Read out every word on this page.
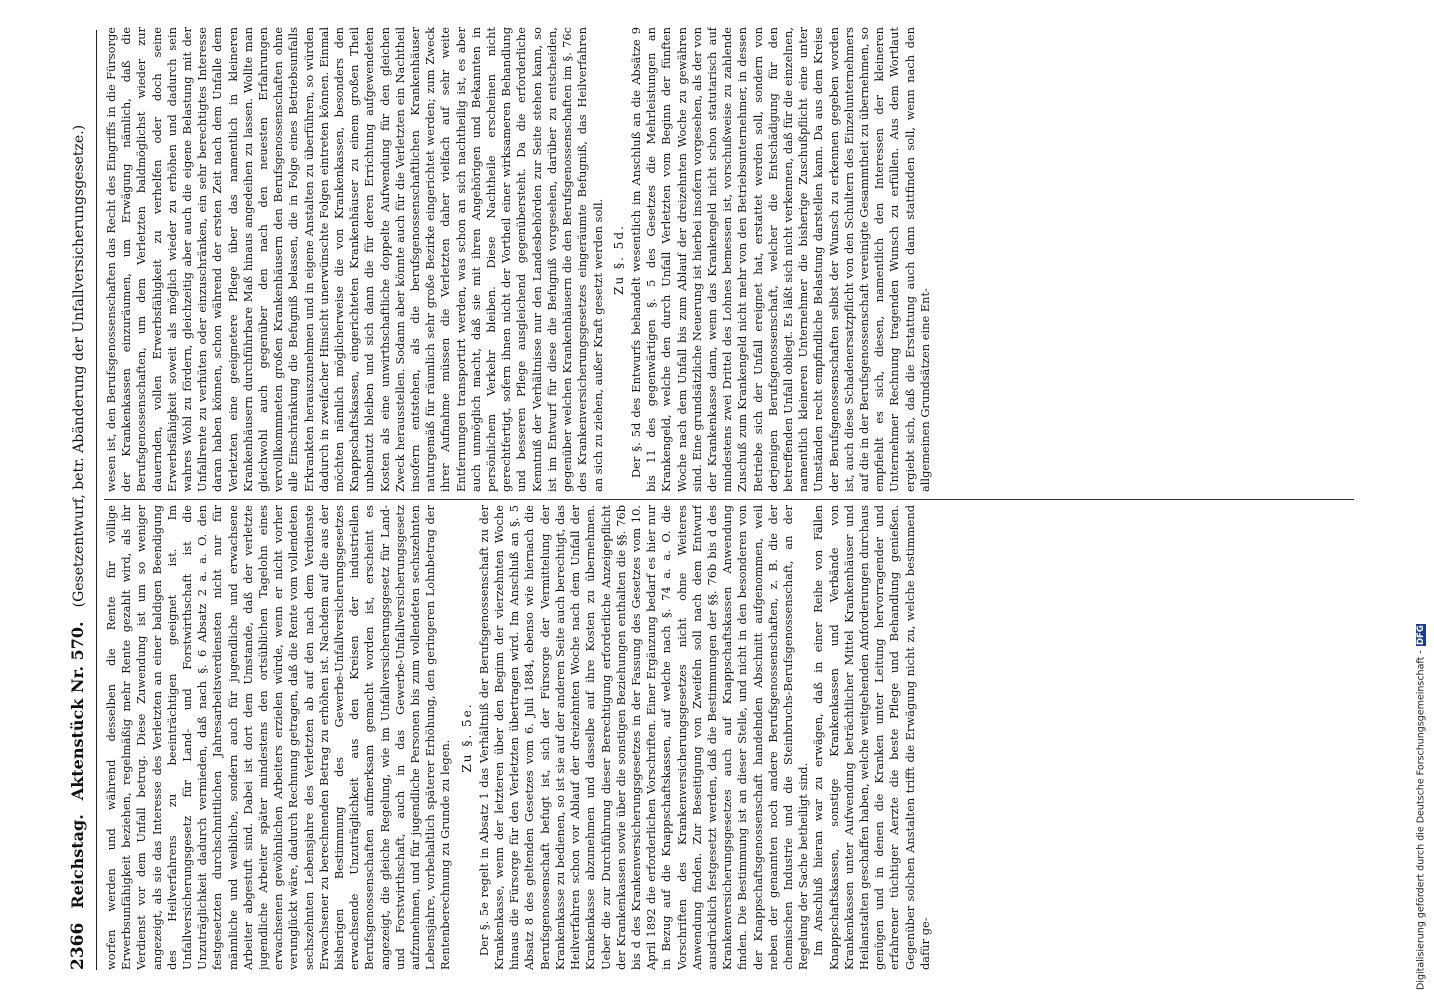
2366
Reichstag.
Aktenstück Nr. 570.
(Gesetzentwurf, betr. Abänderung der Unfallversicherungsgesetze.)

worfen werden und während desselben die Rente für völlige Erwerbsunfähigkeit beziehen, regelmäßig mehr Rente gezahlt wird, als ihr Verdienst vor dem Unfall betrug. Diese Zuwendung ist um so weniger angezeigt, als sie das Interesse des Verletzten an einer baldigen Beendigung des Heilverfahrens zu beeinträchtigen geeignet ist. Im Unfallversicherungsgesetz für Land- und Forstwirthschaft ist die Unzuträglichkeit dadurch vermieden, daß nach §. 6 Absatz 2 a. a. O. den festgesetzten durchschnittlichen Jahresarbeitsverdiensten nicht nur für männliche und weibliche, sondern auch für jugendliche und erwachsene Arbeiter abgestuft sind. Dabei ist dort dem Umstande, daß der verletzte jugendliche Arbeiter später mindestens den ortsüblichen Tagelohn eines erwachsenen gewöhnlichen Arbeiters erzielen würde, wenn er nicht vorher verunglückt wäre, dadurch Rechnung getragen, daß die Rente vom vollendeten sechszehnten Lebensjahre des Verletzten ab auf den nach dem Verdienste Erwachsener zu berechnenden Betrag zu erhöhen ist. Nachdem auf die aus der bisherigen Bestimmung des Gewerbe-Unfallversicherungsgesetzes erwachsende Unzuträglichkeit aus den Kreisen der industriellen Berufsgenossenschaften aufmerksam gemacht worden ist, erscheint es angezeigt, die gleiche Regelung, wie im Unfallversicherungsgesetz für Land- und Forstwirthschaft, auch in das Gewerbe-Unfallversicherungsgesetz aufzunehmen, und für jugendliche Personen bis zum vollendeten sechszehnten Lebensjahre, vorbehaltlich späterer Erhöhung, den geringeren Lohnbetrag der Rentenberechnung zu Grunde zu legen.

Zu §. 5e. Der §. 5e regelt in Absatz 1 das Verhältniß der Berufsgenossenschaft zu der Krankenkasse, wenn der letzteren über den Beginn der vierzehnten Woche hinaus die Fürsorge für den Verletzten übertragen wird. Im Anschluß an §. 5 Absatz 8 des geltenden Gesetzes vom 6. Juli 1884, ebenso wie hiernach die Berufsgenossenschaft befugt ist, sich der Fürsorge der Vermittelung der Krankenkasse zu bedienen, so ist sie auf der anderen Seite auch berechtigt, das Heilverfahren schon vor Ablauf der dreizehnten Woche nach dem Unfall der Krankenkasse abzunehmen und dasselbe auf ihre Kosten zu übernehmen. Ueber die zur Durchführung dieser Berechtigung erforderliche Anzeigepflicht der Krankenkassen sowie über die sonstigen Beziehungen enthalten die §§. 76b bis d des Krankenversicherungsgesetzes in der Fassung des Gesetzes vom 10. April 1892 die erforderlichen Vorschriften. Einer Ergänzung bedarf es hier nur in Bezug auf die Knappschaftskassen, auf welche nach §. 74 a. a. O. die Vorschriften des Krankenversicherungsgesetzes nicht ohne Weiteres Anwendung finden. Zur Beseitigung von Zweifeln soll nach dem Entwurf ausdrücklich festgesetzt werden, daß die Bestimmungen der §§. 76b bis d des Krankenversicherungsgesetzes auch auf Knappschaftskassen Anwendung finden. Die Bestimmung ist an dieser Stelle, und nicht in den besonderen von der Knappschaftsgenossenschaft handelnden Abschnitt aufgenommen, weil neben der genannten noch andere Berufsgenossenschaften, z. B. die der chemischen Industrie und die Steinbruchs-Berufsgenossenschaft, an der Regelung der Sache betheiligt sind. Im Anschluß hieran war zu erwägen, daß in einer Reihe von Fällen Knappschaftskassen, sonstige Krankenkassen und Verbände von Krankenkassen unter Aufwendung beträchtlicher Mittel Krankenhäuser und Heilanstalten geschaffen haben, welche weitgehenden Anforderungen durchaus genügen und in denen die Kranken unter Leitung hervorragender und erfahrener tüchtiger Aerzte die beste Pflege und Behandlung genießen. Gegenüber solchen Anstalten trifft die Erwägung nicht zu, welche bestimmend dafür ge-

wesen ist, den Berufsgenossenschaften das Recht des Eingriffs in die Fürsorge der Krankenkassen einzuräumen, um Erwägung nämlich, daß die Berufsgenossenschaften, um dem Verletzten baldmöglichst wieder zur dauernden, vollen Erwerbsfähigkeit zu verhelfen oder doch seine Erwerbsfähigkeit soweit als möglich wieder zu erhöhen und dadurch sein wahres Wohl zu fördern, gleichzeitig aber auch die eigene Belastung mit der Unfallrente zu verhüten oder einzuschränken, ein sehr berechtigtes Interesse daran haben können, schon während der ersten Zeit nach dem Unfalle dem Verletzten eine geeignetere Pflege über das namentlich in kleineren Krankenhäusern durchführbare Maß hinaus angedeihen zu lassen. Wollte man gleichwohl auch gegenüber den nach den neuesten Erfahrungen vervollkommneten großen Krankenhäusern den Berufsgenossenschaften ohne alle Einschränkung die Befugniß belassen, die in Folge eines Betriebsunfalls Erkrankten herauszunehmen und in eigene Anstalten zu überführen, so würden dadurch in zweifacher Hinsicht unerwünschte Folgen eintreten können. Einmal möchten nämlich möglicherweise die von Krankenkassen, besonders den Knappschaftskassen, eingerichteten Krankenhäuser zu einem großen Theil unbenutzt bleiben und sich dann die für deren Errichtung aufgewendeten Kosten als eine unwirthschaftliche doppelte Aufwendung für den gleichen Zweck herausstellen. Sodann aber könnte auch für die Verletzten ein Nachtheil insofern entstehen, als die berufsgenossenschaftlichen Krankenhäuser naturgemäß für räumlich sehr große Bezirke eingerichtet werden; zum Zweck ihrer Aufnahme müssen die Verletzten daher vielfach auf sehr weite Entfernungen transportirt werden, was schon an sich nachtheilig ist, es aber auch unmöglich macht, daß sie mit ihren Angehörigen und Bekannten in persönlichem Verkehr bleiben. Diese Nachtheile erscheinen nicht gerechtfertigt, sofern ihnen nicht der Vortheil einer wirksameren Behandlung und besseren Pflege ausgleichend gegenübersteht. Da die erforderliche Kenntniß der Verhältnisse nur den Landesbehörden zur Seite stehen kann, so ist im Entwurf für diese die Befugniß vorgesehen, darüber zu entscheiden, gegenüber welchen Krankenhäusern die den Berufsgenossenschaften im §. 76c des Krankenversicherungsgesetzes eingeräumte Befugniß, das Heilverfahren an sich zu ziehen, außer Kraft gesetzt werden soll. Zu §. 5d. Der §. 5d des Entwurfs behandelt wesentlich im Anschluß an die Absätze 9 bis 11 des gegenwärtigen §. 5 des Gesetzes die Mehrleistungen an Krankengeld, welche den durch Unfall Verletzten vom Beginn der fünften Woche nach dem Unfall bis zum Ablauf der dreizehnten Woche zu gewähren sind. Eine grundsätzliche Neuerung ist hierbei insofern vorgesehen, als der von der Krankenkasse dann, wenn das Krankengeld nicht schon statutarisch auf mindestens zwei Drittel des Lohnes bemessen ist, vorschußweise zu zahlende Zuschuß zum Krankengeld nicht mehr von den Betriebsunternehmer, in dessen Betriebe sich der Unfall ereignet hat, erstattet werden soll, sondern von derjenigen Berufsgenossenschaft, welcher die Entschädigung für den betreffenden Unfall obliegt. Es läßt sich nicht verkennen, daß für die einzelnen, namentlich kleineren Unternehmer die bisherige Zuschußpflicht eine unter Umständen recht empfindliche Belastung darstellen kann. Da aus dem Kreise der Berufsgenossenschaften selbst der Wunsch zu erkennen gegeben worden ist, auch diese Schadenersatzpflicht von den Schultern des Einzelunternehmers auf die in der Berufsgenossenschaft vereinigte Gesammtheit zu übernehmen, so empfiehlt es sich, diesen, namentlich den Interessen der kleineren Unternehmer Rechnung tragenden Wunsch zu erfüllen. Aus dem Wortlaut ergiebt sich, daß die Erstattung auch dann stattfinden soll, wenn nach den allgemeinen Grundsätzen eine Ent-

Digitalisierung gefördert durch die Deutsche Forschungsgemeinschaft -
DFG
